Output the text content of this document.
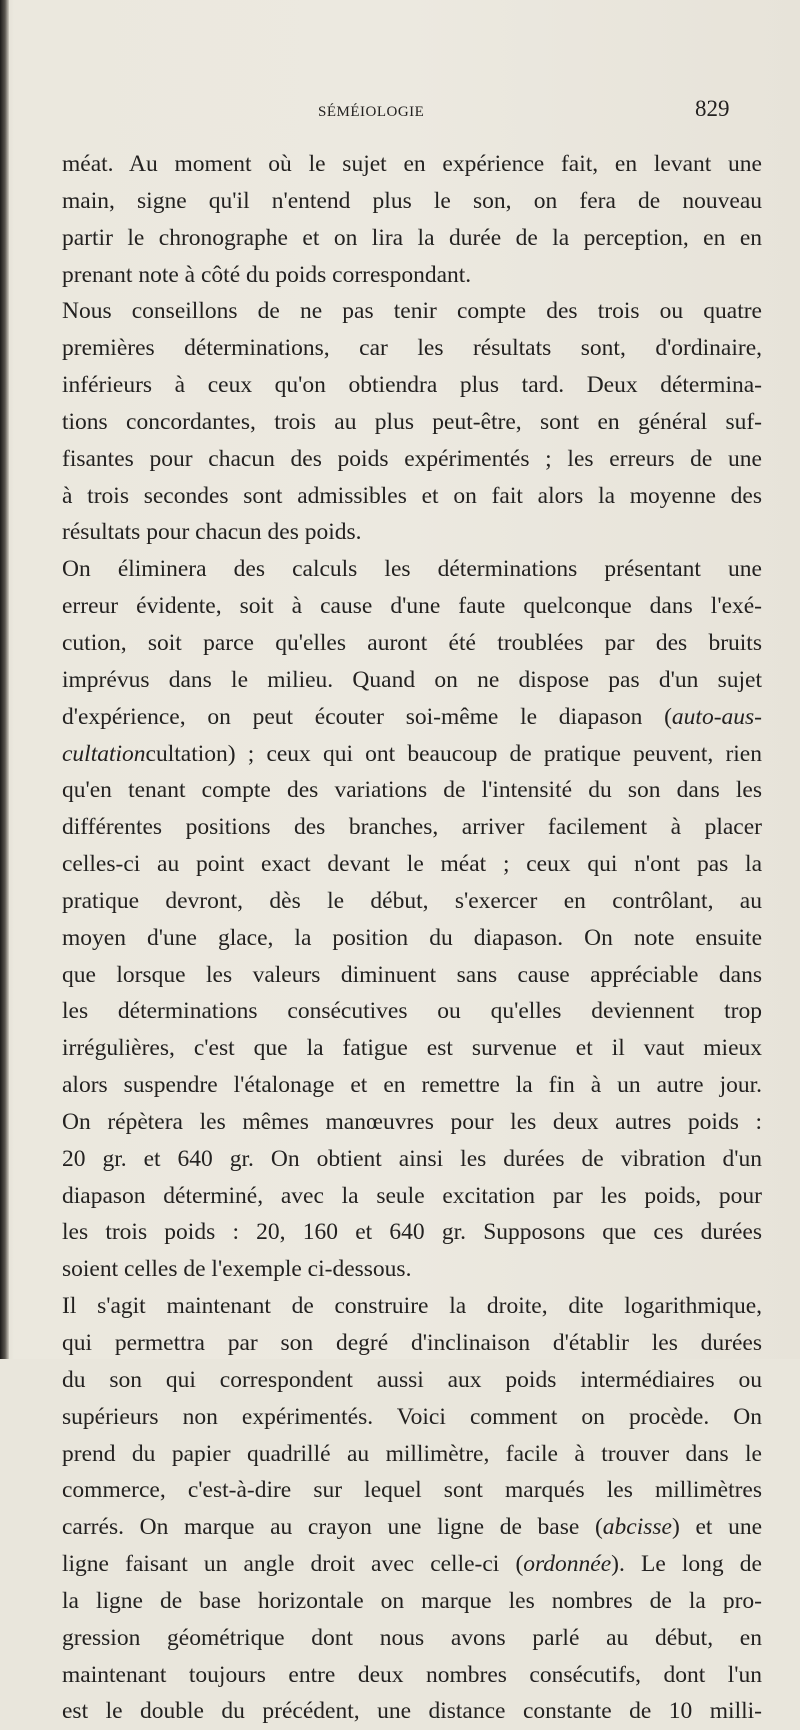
SÉMÉIOLOGIE	829
méat. Au moment où le sujet en expérience fait, en levant une
main, signe qu'il n'entend plus le son, on fera de nouveau
partir le chronographe et on lira la durée de la perception, en en
prenant note à côté du poids correspondant.
Nous conseillons de ne pas tenir compte des trois ou quatre
premières déterminations, car les résultats sont, d'ordinaire,
inférieurs à ceux qu'on obtiendra plus tard. Deux détermina-
tions concordantes, trois au plus peut-être, sont en général suf-
fisantes pour chacun des poids expérimentés ; les erreurs de une
à trois secondes sont admissibles et on fait alors la moyenne des
résultats pour chacun des poids.
On éliminera des calculs les déterminations présentant une
erreur évidente, soit à cause d'une faute quelconque dans l'exé-
cution, soit parce qu'elles auront été troublées par des bruits
imprévus dans le milieu. Quand on ne dispose pas d'un sujet
d'expérience, on peut écouter soi-même le diapason (auto-aus-
cultationcultation) ; ceux qui ont beaucoup de pratique peuvent, rien
qu'en tenant compte des variations de l'intensité du son dans les
différentes positions des branches, arriver facilement à placer
celles-ci au point exact devant le méat ; ceux qui n'ont pas la
pratique devront, dès le début, s'exercer en contrôlant, au
moyen d'une glace, la position du diapason. On note ensuite
que lorsque les valeurs diminuent sans cause appréciable dans
les déterminations consécutives ou qu'elles deviennent trop
irrégulières, c'est que la fatigue est survenue et il vaut mieux
alors suspendre l'étalonage et en remettre la fin à un autre jour.
On répètera les mêmes manœuvres pour les deux autres poids :
20 gr. et 640 gr. On obtient ainsi les durées de vibration d'un
diapason déterminé, avec la seule excitation par les poids, pour
les trois poids : 20, 160 et 640 gr. Supposons que ces durées
soient celles de l'exemple ci-dessous.
Il s'agit maintenant de construire la droite, dite logarithmique,
qui permettra par son degré d'inclinaison d'établir les durées
du son qui correspondent aussi aux poids intermédiaires ou
supérieurs non expérimentés. Voici comment on procède. On
prend du papier quadrillé au millimètre, facile à trouver dans le
commerce, c'est-à-dire sur lequel sont marqués les millimètres
carrés. On marque au crayon une ligne de base (abcisse) et une
ligne faisant un angle droit avec celle-ci (ordonnée). Le long de
la ligne de base horizontale on marque les nombres de la pro-
gression géométrique dont nous avons parlé au début, en
maintenant toujours entre deux nombres consécutifs, dont l'un
est le double du précédent, une distance constante de 10 milli-
